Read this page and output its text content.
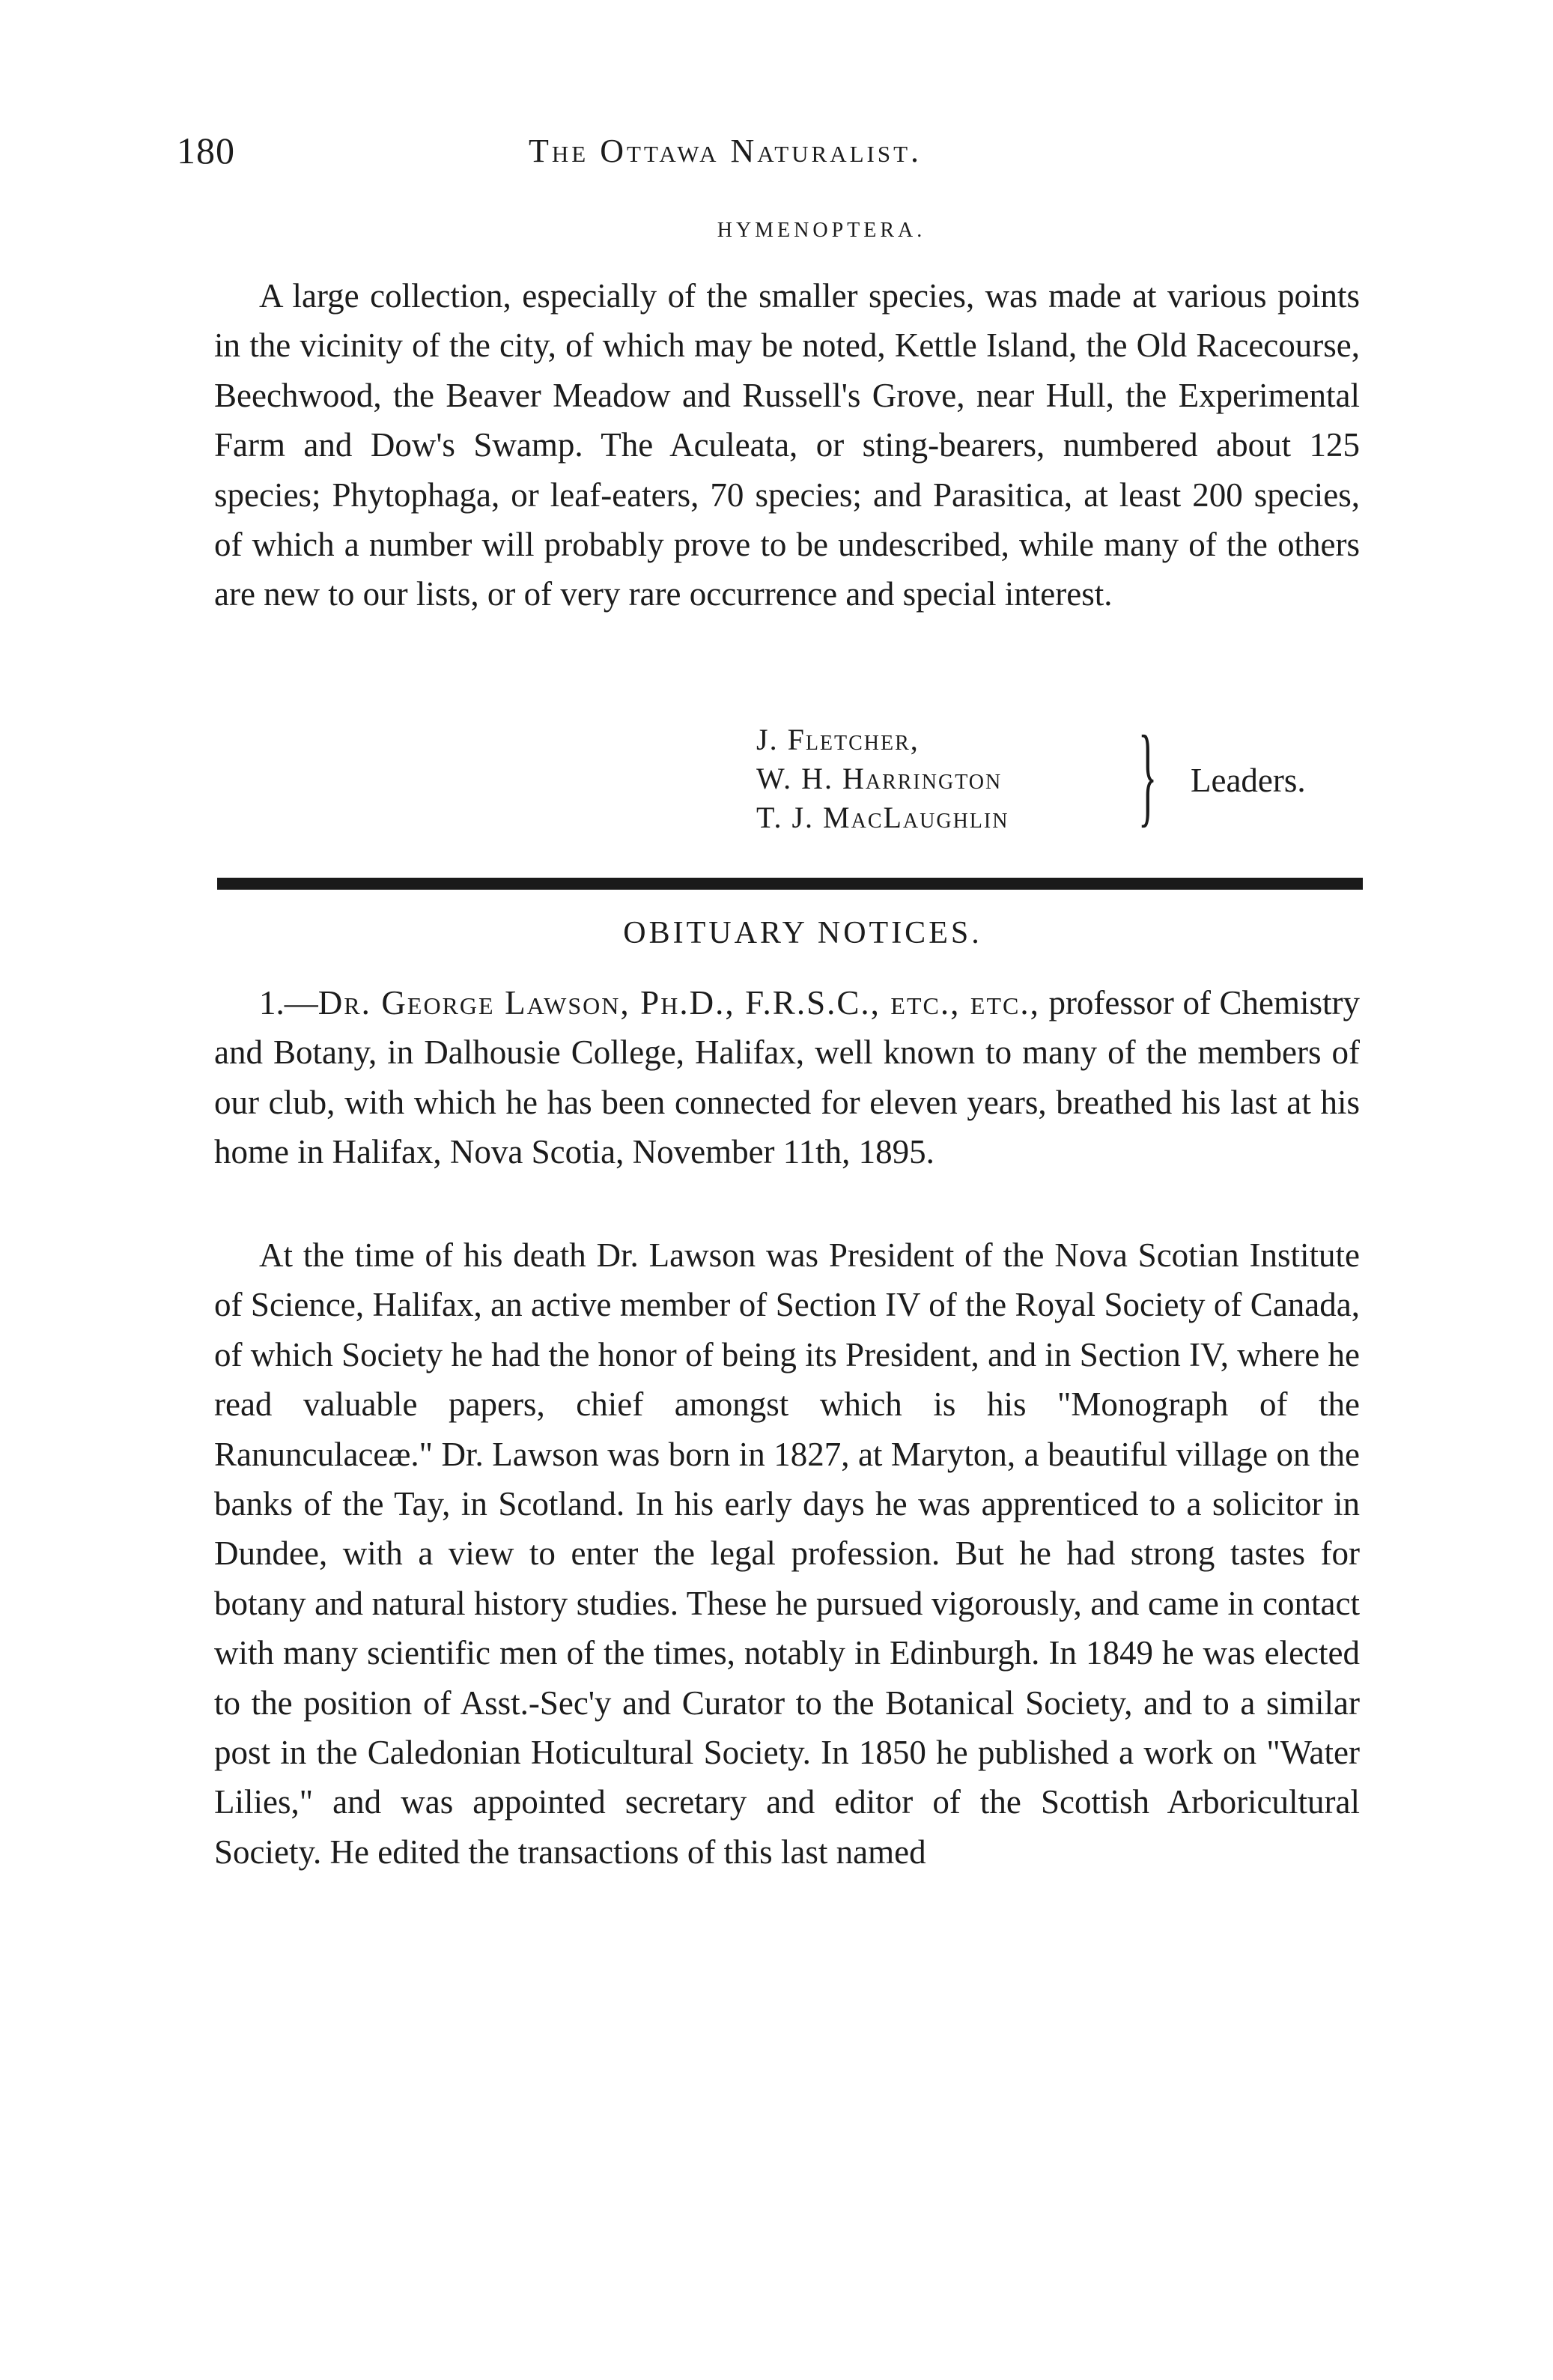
180	The Ottawa Naturalist.
HYMENOPTERA.

A large collection, especially of the smaller species, was made at various points in the vicinity of the city, of which may be noted, Kettle Island, the Old Racecourse, Beechwood, the Beaver Meadow and Russell's Grove, near Hull, the Experimental Farm and Dow's Swamp. The Aculeata, or sting-bearers, numbered about 125 species; Phytophaga, or leaf-eaters, 70 species; and Parasitica, at least 200 species, of which a number will probably prove to be undescribed, while many of the others are new to our lists, or of very rare occurrence and special interest.

J. Fletcher,
W. H. Harrington
T. J. MacLaughlin } Leaders.
OBITUARY NOTICES.

1.—Dr. George Lawson, Ph.D., F.R.S.C., etc., etc., professor of Chemistry and Botany, in Dalhousie College, Halifax, well known to many of the members of our club, with which he has been connected for eleven years, breathed his last at his home in Halifax, Nova Scotia, November 11th, 1895.

At the time of his death Dr. Lawson was President of the Nova Scotian Institute of Science, Halifax, an active member of Section IV of the Royal Society of Canada, of which Society he had the honor of being its President, and in Section IV, where he read valuable papers, chief amongst which is his "Monograph of the Ranunculaceæ." Dr. Lawson was born in 1827, at Maryton, a beautiful village on the banks of the Tay, in Scotland. In his early days he was apprenticed to a solicitor in Dundee, with a view to enter the legal profession. But he had strong tastes for botany and natural history studies. These he pursued vigorously, and came in contact with many scientific men of the times, notably in Edinburgh. In 1849 he was elected to the position of Asst.-Sec'y and Curator to the Botanical Society, and to a similar post in the Caledonian Hoticultural Society. In 1850 he published a work on "Water Lilies," and was appointed secretary and editor of the Scottish Arboricultural Society. He edited the transactions of this last named
